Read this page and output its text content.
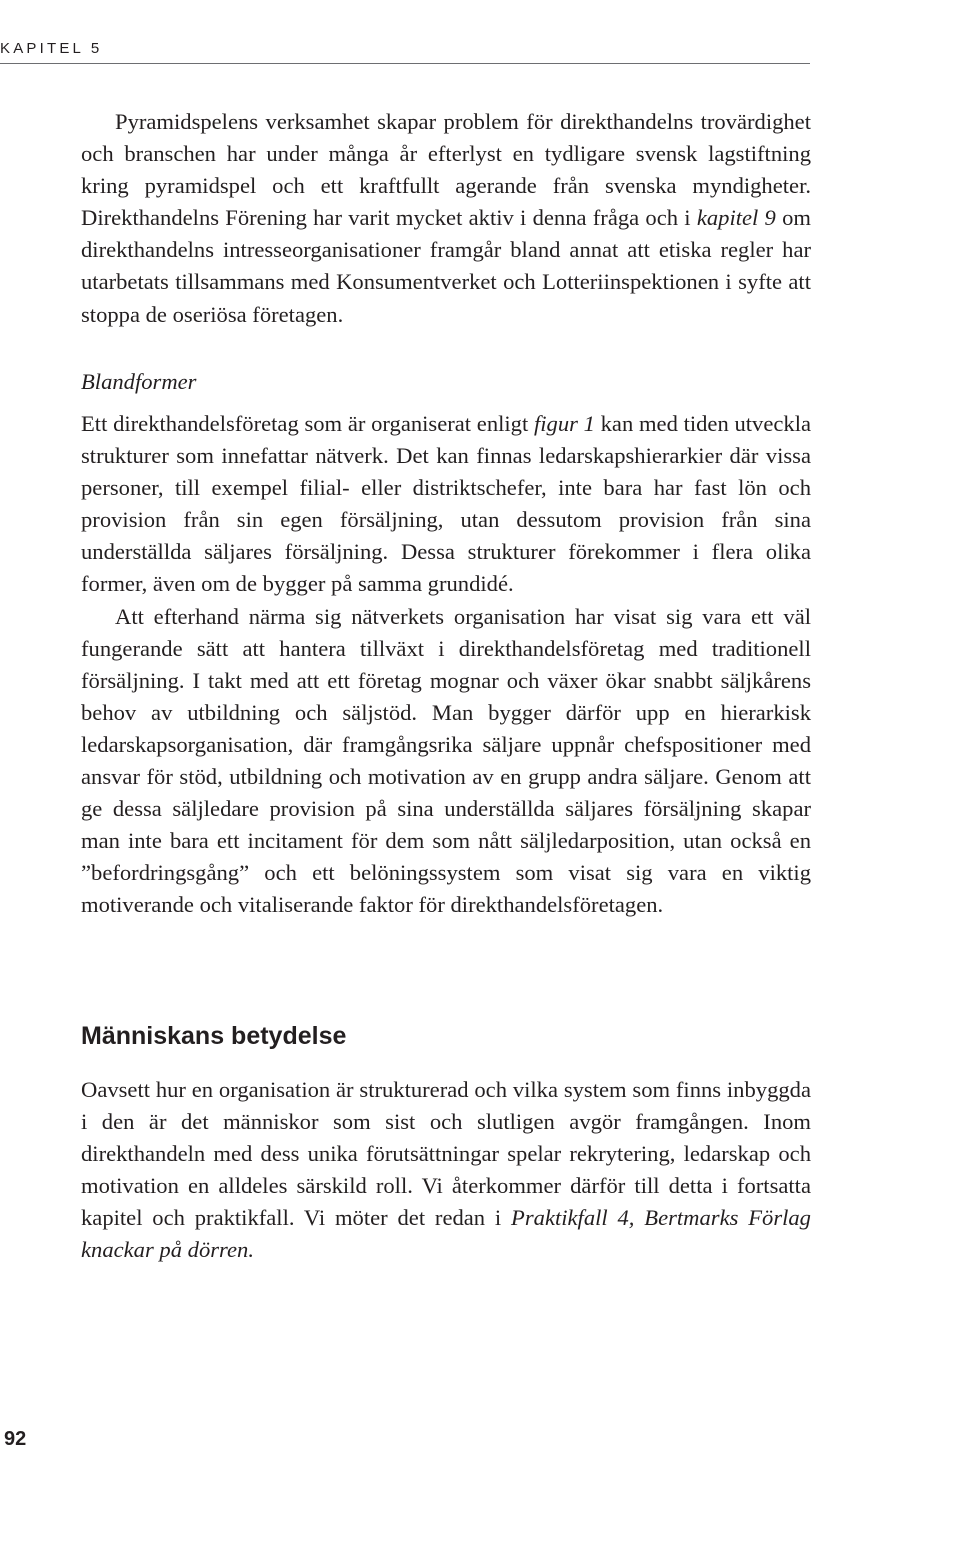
KAPITEL 5

Pyramidspelens verksamhet skapar problem för direkthandelns trovärdighet och branschen har under många år efterlyst en tydligare svensk lagstiftning kring pyramidspel och ett kraftfullt agerande från svenska myndigheter. Direkthandelns Förening har varit mycket aktiv i denna fråga och i kapitel 9 om direkthandelns intresseorganisationer framgår bland annat att etiska regler har utarbetats tillsammans med Konsumentverket och Lotteriinspektionen i syfte att stoppa de oseriösa företagen.

Blandformer

Ett direkthandelsföretag som är organiserat enligt figur 1 kan med tiden utveckla strukturer som innefattar nätverk. Det kan finnas ledarskapshierarkier där vissa personer, till exempel filial- eller distriktschefer, inte bara har fast lön och provision från sin egen försäljning, utan dessutom provision från sina underställda säljares försäljning. Dessa strukturer förekommer i flera olika former, även om de bygger på samma grundidé.

Att efterhand närma sig nätverkets organisation har visat sig vara ett väl fungerande sätt att hantera tillväxt i direkthandelsföretag med traditionell försäljning. I takt med att ett företag mognar och växer ökar snabbt säljkårens behov av utbildning och säljstöd. Man bygger därför upp en hierarkisk ledarskapsorganisation, där framgångsrika säljare uppnår chefspositioner med ansvar för stöd, utbildning och motivation av en grupp andra säljare. Genom att ge dessa säljledare provision på sina underställda säljares försäljning skapar man inte bara ett incitament för dem som nått säljledarposition, utan också en ”befordringsgång” och ett belöningssystem som visat sig vara en viktig motiverande och vitaliserande faktor för direkthandelsföretagen.

Människans betydelse

Oavsett hur en organisation är strukturerad och vilka system som finns inbyggda i den är det människor som sist och slutligen avgör framgången. Inom direkthandeln med dess unika förutsättningar spelar rekrytering, ledarskap och motivation en alldeles särskild roll. Vi återkommer därför till detta i fortsatta kapitel och praktikfall. Vi möter det redan i Praktikfall 4, Bertmarks Förlag knackar på dörren.

92
